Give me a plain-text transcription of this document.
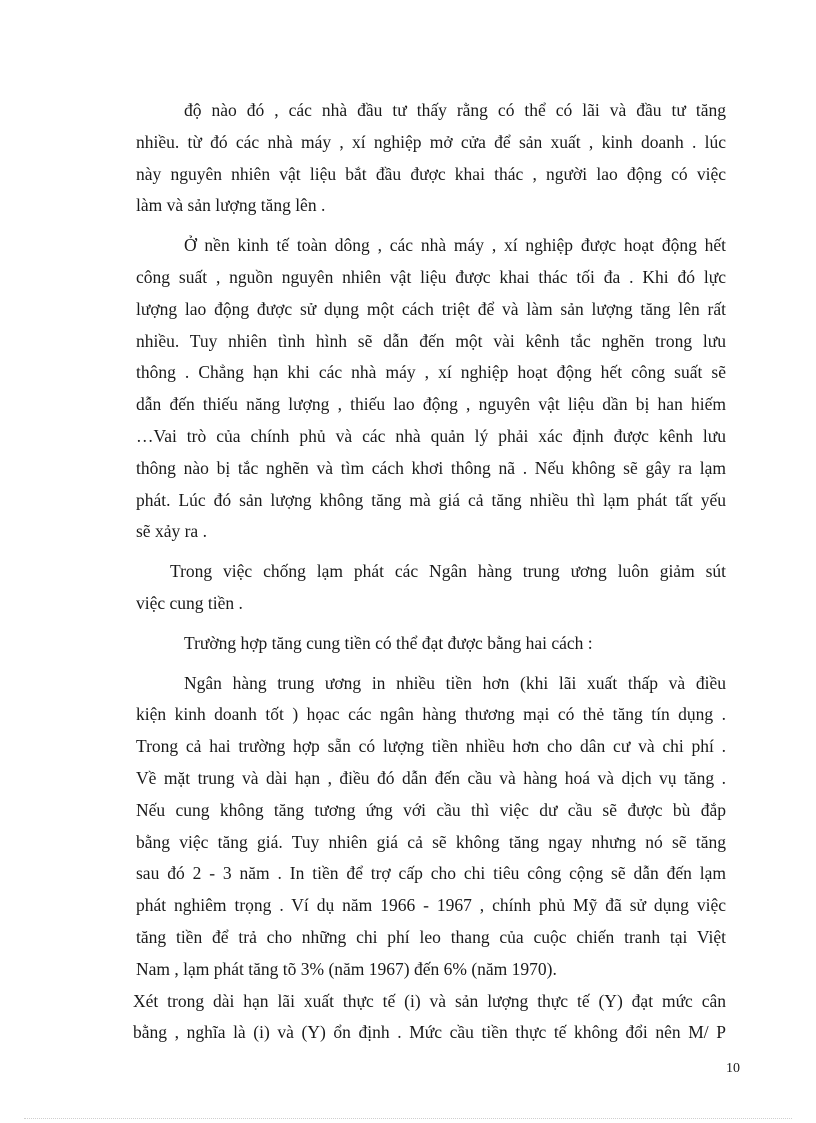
độ nào đó , các nhà đầu tư thấy rằng có thể có lãi và đầu tư tăng
nhiều. từ đó các nhà máy , xí nghiệp mở cửa để sản xuất , kinh doanh . lúc
này nguyên nhiên vật liệu bắt đầu được khai thác , người lao động có việc
làm và sản lượng tăng lên .
Ở nền kinh tế toàn dông , các nhà máy , xí nghiệp được hoạt động hết
công suất , nguồn nguyên nhiên vật liệu được khai thác tối đa . Khi đó lực
lượng lao động được sử dụng một cách triệt để và làm sản lượng tăng lên rất
nhiều. Tuy nhiên tình hình sẽ dẫn đến một vài kênh tắc nghẽn trong lưu
thông . Chẳng hạn khi các nhà máy , xí nghiệp hoạt động hết công suất sẽ
dẫn đến thiếu năng lượng , thiếu lao động , nguyên vật liệu dần bị han hiếm
…Vai trò của chính phủ và các nhà quản lý phải xác định được kênh lưu
thông nào bị tắc nghẽn và tìm cách khơi thông nã . Nếu không sẽ gây ra lạm
phát. Lúc đó sản lượng không tăng mà giá cả tăng nhiều thì lạm phát tất yếu
sẽ xảy ra .
Trong việc chống lạm phát các Ngân hàng trung ương luôn giảm sút
việc cung tiền .
Trường hợp tăng cung tiền có thể đạt được bằng hai cách :
Ngân hàng trung ương in nhiều tiền hơn (khi lãi xuất thấp và điều
kiện kinh doanh tốt ) họac các ngân hàng thương mại có thẻ tăng tín dụng .
Trong cả hai trường hợp sẵn có lượng tiền nhiều hơn cho dân cư và chi phí .
Về mặt trung và dài hạn , điều đó dẫn đến cầu và hàng hoá và dịch vụ tăng .
Nếu cung không tăng tương ứng với cầu thì việc dư cầu sẽ được bù đắp
bằng việc tăng giá. Tuy nhiên giá cả sẽ không tăng ngay nhưng nó sẽ tăng
sau đó 2 - 3 năm . In tiền để trợ cấp cho chi tiêu công cộng sẽ dẫn đến lạm
phát nghiêm trọng . Ví dụ năm 1966 - 1967 , chính phủ Mỹ đã sử dụng việc
tăng tiền để trả cho những chi phí leo thang của cuộc chiến tranh tại Việt
Nam , lạm phát tăng tõ 3% (năm 1967) đến 6% (năm 1970).
Xét trong dài hạn lãi xuất thực tế (i) và sản lượng thực tế (Y) đạt mức cân
bằng , nghĩa là (i) và (Y) ổn định . Mức cầu tiền thực tế không đổi nên M/ P
10
